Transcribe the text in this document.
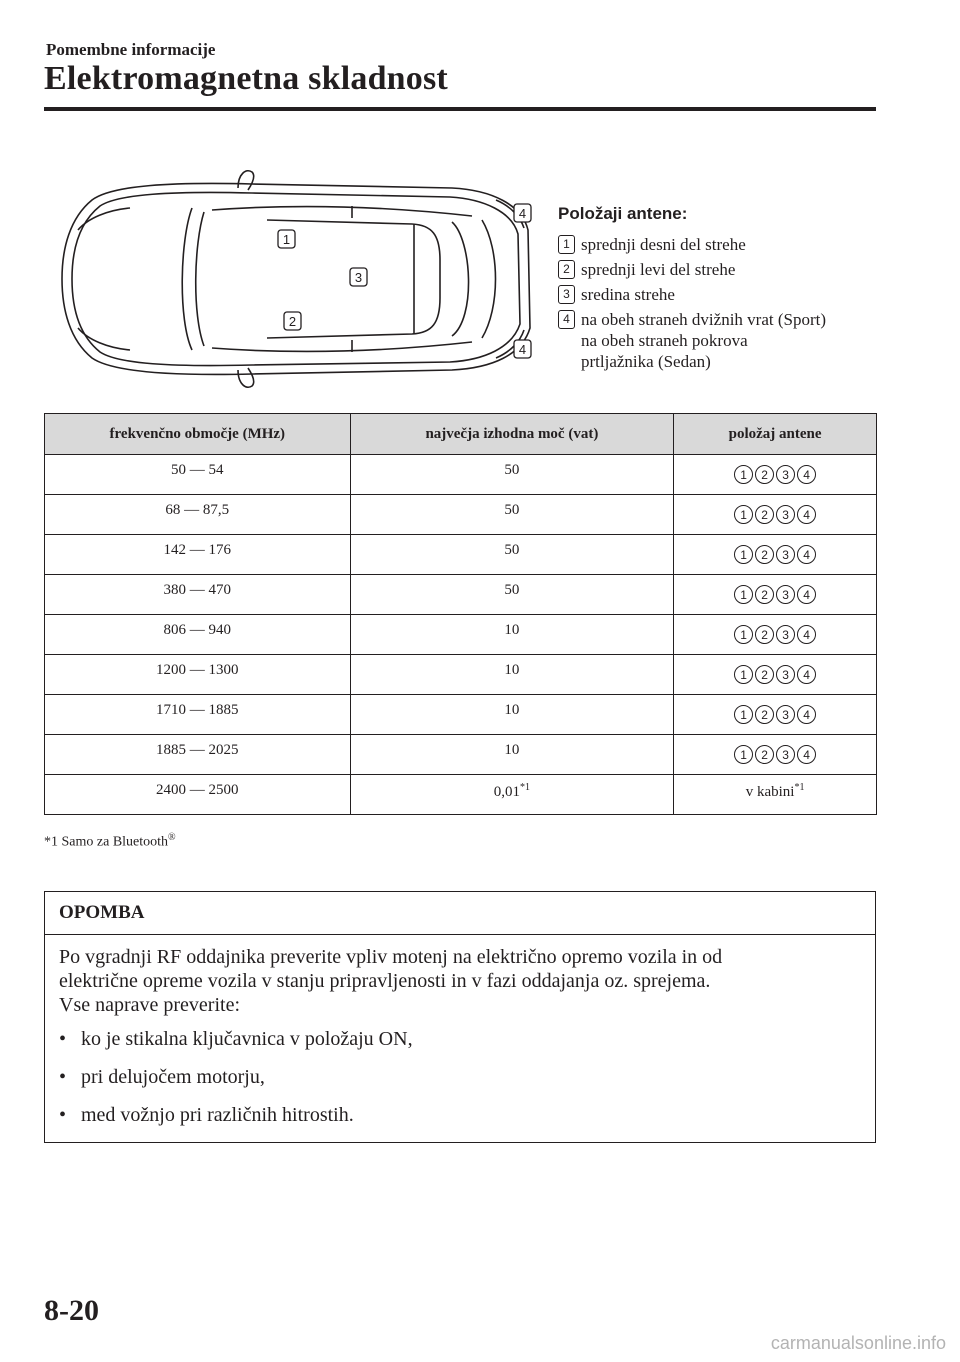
Pomembne informacije
Elektromagnetna skladnost
1
2
3
4
4
Položaji antene:
1 sprednji desni del strehe
2 sprednji levi del strehe
3 sredina strehe
4 na obeh straneh dvižnih vrat (Sport)
na obeh straneh pokrova
prtljažnika (Sedan)
frekvenčno območje (MHz)	največja izhodna moč (vat)	položaj antene
50 — 54	50	1 2 3 4

68 — 87,5	50	1 2 3 4

142 — 176	50	1 2 3 4

380 — 470	50	1 2 3 4

806 — 940	10	1 2 3 4

1200 — 1300	10	1 2 3 4

1710 — 1885	10	1 2 3 4

1885 — 2025	10	1 2 3 4

2400 — 2500	0,01$^{*1}$	v kabini$^{*1}$
*1 Samo za Bluetooth®
OPOMBA

Po vgradnji RF oddajnika preverite vpliv motenj na električno opremo vozila in od

električne opreme vozila v stanju pripravljenosti in v fazi oddajanja oz. sprejema.

Vse naprave preverite:

• ko je stikalna ključavnica v položaju ON,
• pri delujočem motorju,
• med vožnjo pri različnih hitrostih.
8-20
carmanualsonline.info
